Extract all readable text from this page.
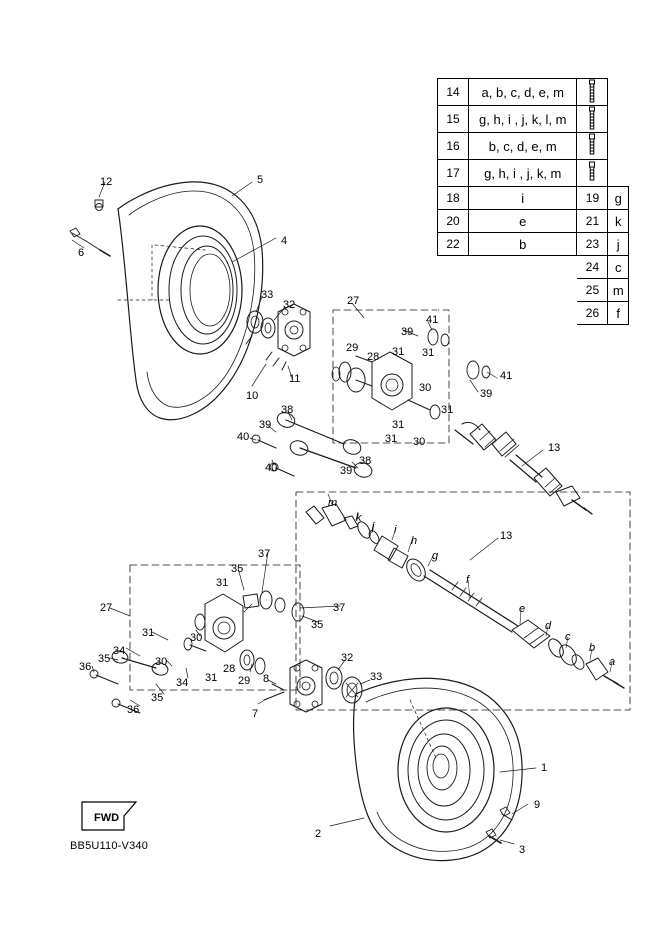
14	a, b, c, d, e, m	

15	g, h, i , j, k, l, m	

16	b, c, d, e, m	

17	g, h, i , j, k, m	

18	i	19	g
20	e	21	k
22	b	23	j
		24	c
		25	m
		26	f
12	5
4
6
33
32	27
39
41
29
28 31 31
41
39
30
31
10
11
38
39	31
31 30
40
40	39
38
13
13
37
35
31
37
35
27
31	30
34
35
36	30
31
28
34
35
36
29 8
7
32
33
1
9
3
2
m
k
j i
h
g
f
e
d
c
b
a
FWD
BB5U110-V340
